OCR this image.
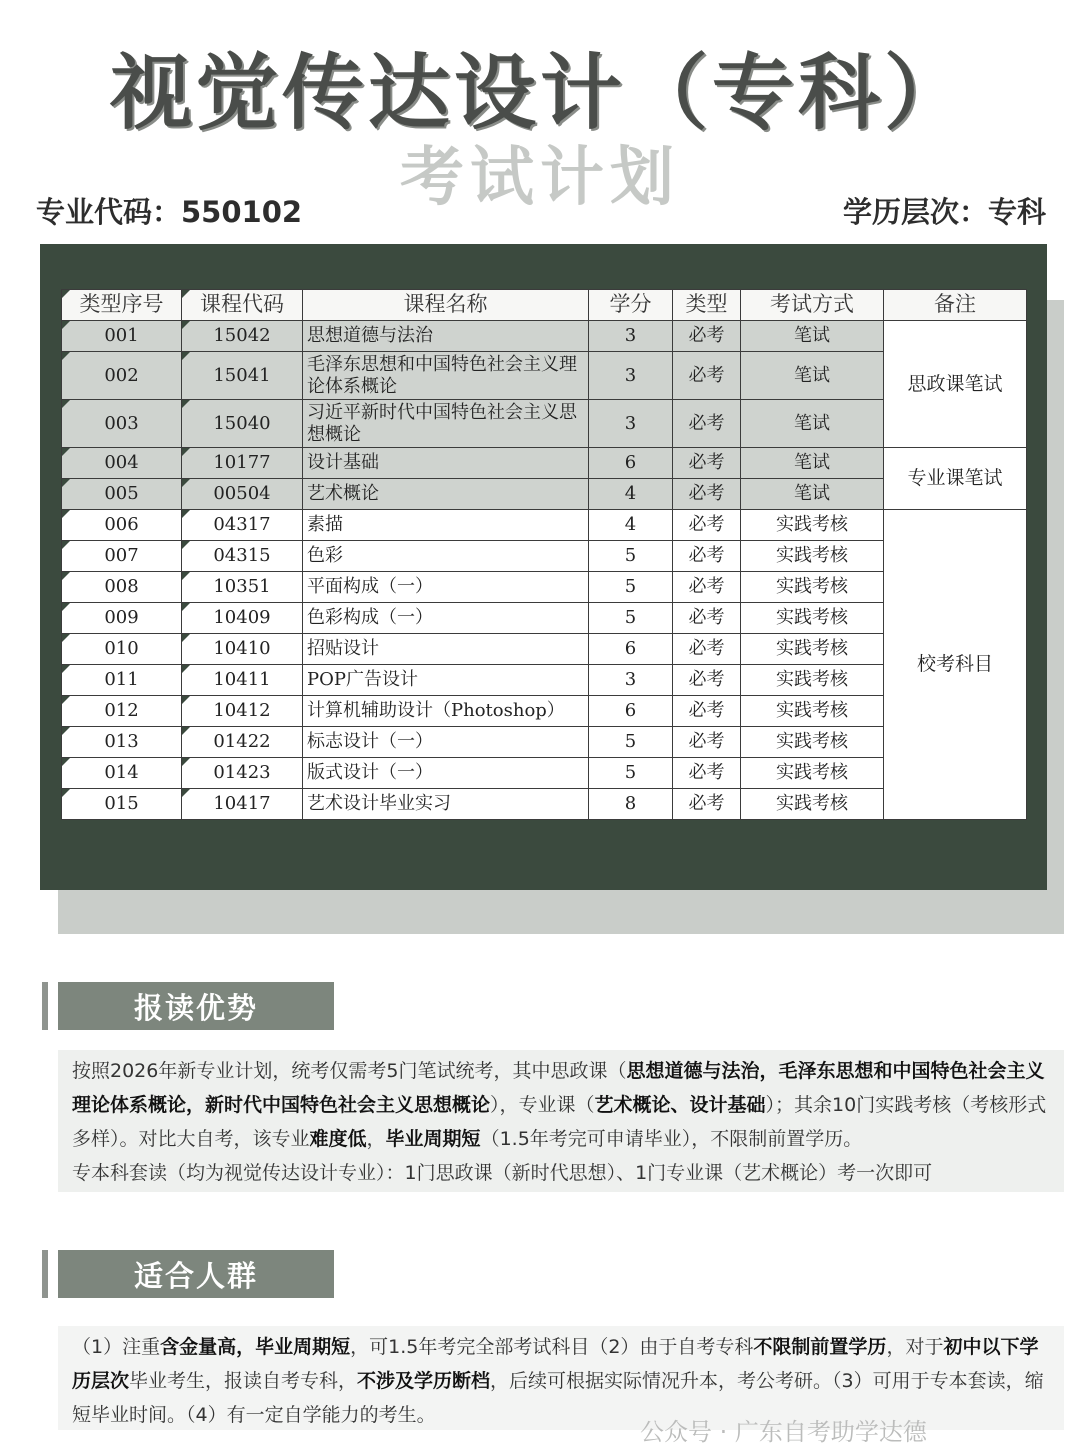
视觉传达设计（专科）
考试计划
专业代码：550102	学历层次：专科
类型序号	课程代码	课程名称	学分	类型	考试方式	备注
001	15042	思想道德与法治	3	必考	笔试	思政课笔试
002	15041	毛泽东思想和中国特色社会主义理论体系概论	3	必考	笔试	
003	15040	习近平新时代中国特色社会主义思想概论	3	必考	笔试	
004	10177	设计基础	6	必考	笔试	专业课笔试
005	00504	艺术概论	4	必考	笔试	
006	04317	素描	4	必考	实践考核	校考科目
007	04315	色彩	5	必考	实践考核	
008	10351	平面构成（一）	5	必考	实践考核	
009	10409	色彩构成（一）	5	必考	实践考核	
010	10410	招贴设计	6	必考	实践考核	
011	10411	POP广告设计	3	必考	实践考核	
012	10412	计算机辅助设计（Photoshop）	6	必考	实践考核	
013	01422	标志设计（一）	5	必考	实践考核	
014	01423	版式设计（一）	5	必考	实践考核	
015	10417	艺术设计毕业实习	8	必考	实践考核	
报读优势
按照2026年新专业计划，统考仅需考5门笔试统考，其中思政课（思想道德与法治，毛泽东思想和中国特色社会主义理论体系概论，新时代中国特色社会主义思想概论），专业课（艺术概论、设计基础）；其余10门实践考核（考核形式多样）。对比大自考，该专业难度低，毕业周期短（1.5年考完可申请毕业），不限制前置学历。
专本科套读（均为视觉传达设计专业）：1门思政课（新时代思想）、1门专业课（艺术概论）考一次即可
适合人群
（1）注重含金量高，毕业周期短，可1.5年考完全部考试科目（2）由于自考专科不限制前置学历，对于初中以下学历层次毕业考生，报读自考专科，不涉及学历断档，后续可根据实际情况升本，考公考研。（3）可用于专本套读，缩短毕业时间。（4）有一定自学能力的考生。
公众号 · 广东自考助学达德
